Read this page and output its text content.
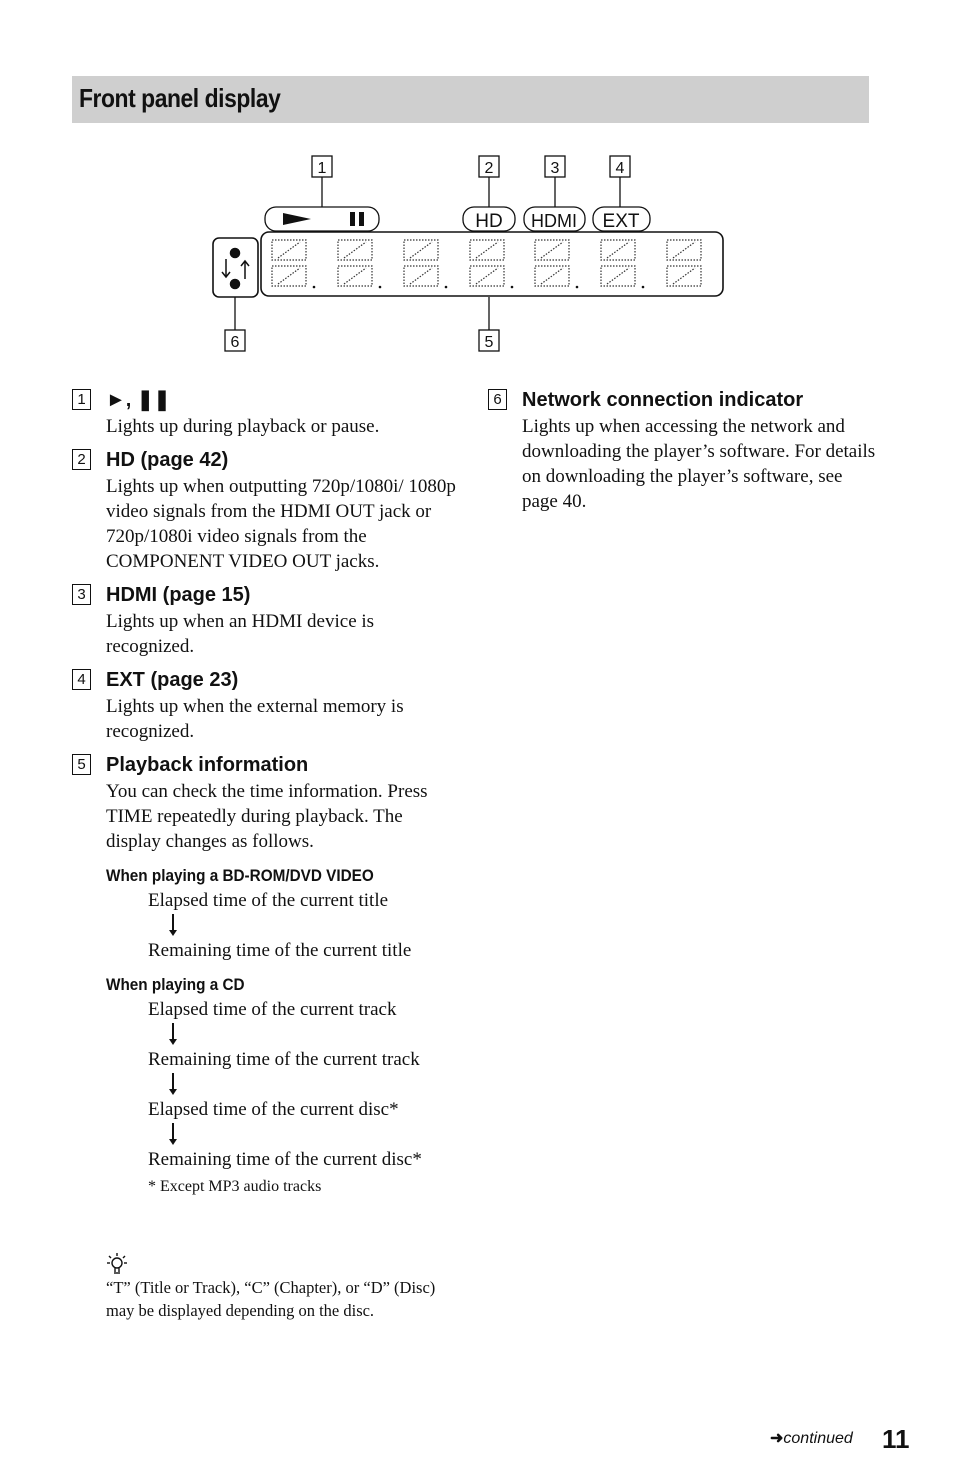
Front panel display
HD HDMI EXT
1	2	3	4
5
6
1 ►, ❚❚

Lights up during playback or pause.

2 HD (page 42)

Lights up when outputting 720p/1080i/ 1080p video signals from the HDMI OUT jack or 720p/1080i video signals from the COMPONENT VIDEO OUT jacks.

3 HDMI (page 15)

Lights up when an HDMI device is recognized.

4 EXT (page 23)

Lights up when the external memory is recognized.

5 Playback information

You can check the time information. Press TIME repeatedly during playback. The display changes as follows.

When playing a BD-ROM/DVD VIDEO
Elapsed time of the current title
Remaining time of the current title
When playing a CD
Elapsed time of the current track
Remaining time of the current track
Elapsed time of the current disc*
Remaining time of the current disc*
* Except MP3 audio tracks
6 Network connection indicator

Lights up when accessing the network and downloading the player’s software. For details on downloading the player’s software, see page 40.

“T” (Title or Track), “C” (Chapter), or “D” (Disc) may be displayed depending on the disc.
➜continued 11
